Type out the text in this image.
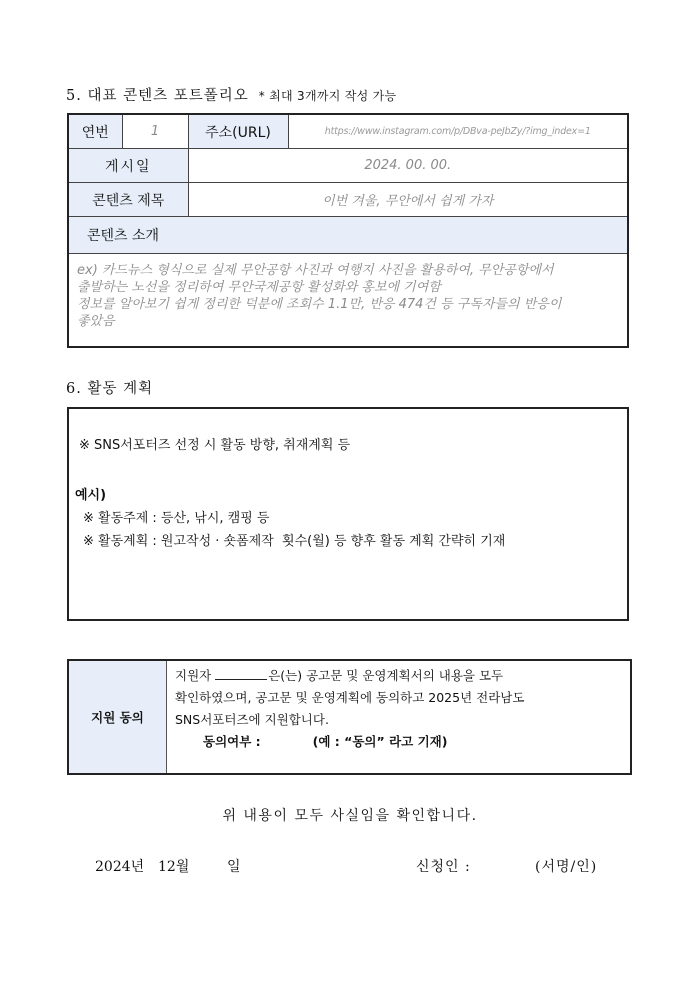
5. 대표 콘텐츠 포트폴리오 * 최대 3개까지 작성 가능
연번	1	주소(URL)	https://www.instagram.com/p/DBva-peJbZy/?img_index=1
게시일		2024. 00. 00.	
콘텐츠 제목		이번 겨울, 무안에서 쉽게 가자	
콘텐츠 소개			

ex) 카드뉴스 형식으로 실제 무안공항 사진과 여행지 사진을 활용하여, 무안공항에서
출발하는 노선을 정리하여 무안국제공항 활성화와 홍보에 기여함
정보를 알아보기 쉽게 정리한 덕분에 조회수 1.1만, 반응 474건 등 구독자들의 반응이
좋았음			
6. 활동 계획
※ SNS서포터즈 선정 시 활동 방향, 취재계획 등
예시)
※ 활동주제 : 등산, 낚시, 캠핑 등
※ 활동계획 : 원고작성 · 숏폼제작  횟수(월) 등 향후 활동 계획 간략히 기재
지원 동의	
지원자	은(는) 공고문 및 운영계획서의 내용을 모두
확인하였으며, 공고문 및 운영계획에 동의하고 2025년 전라남도
SNS서포터즈에 지원합니다.
동의여부 :	(예 : “동의” 라고 기재)
위 내용이 모두 사실임을 확인합니다.
2024년 12월	일	신청인 :	(서명/인)
